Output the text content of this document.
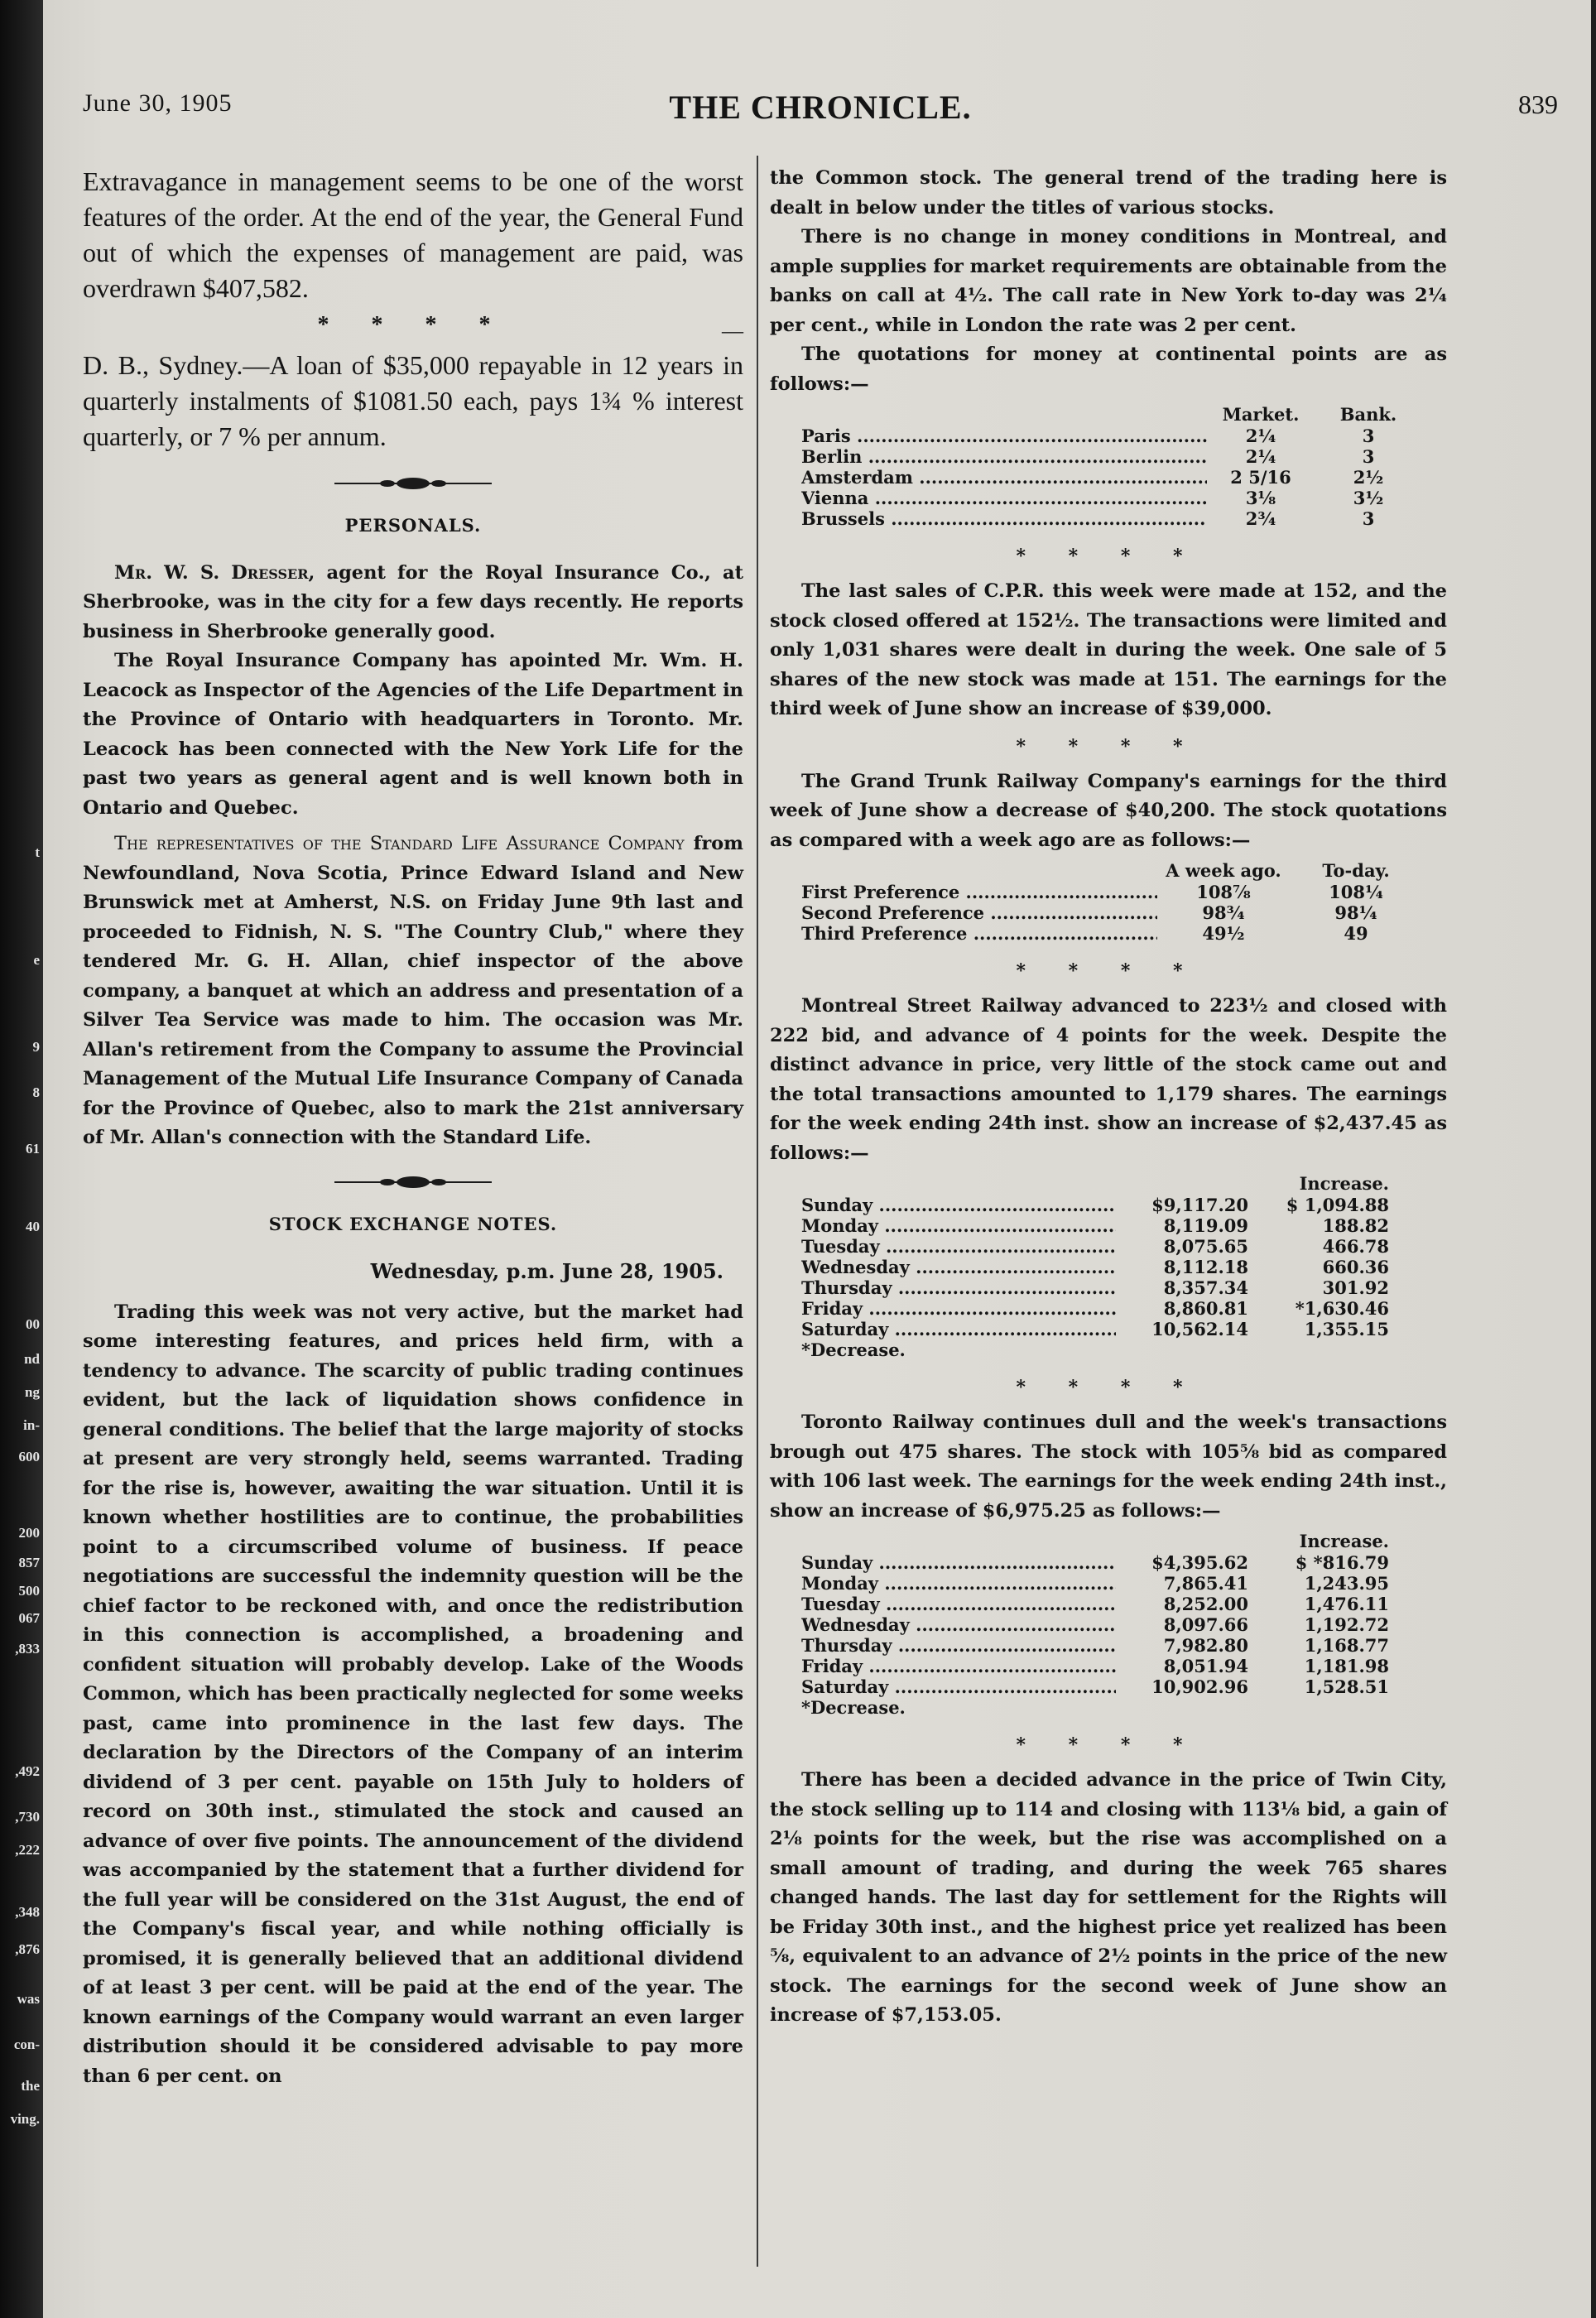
t
e
9
8
61
40
00
nd
ng
in-
600
200
857
500
067
,833
,492
,730
,222
,348
,876
was
con-
the
ving.
June 30, 1905	THE CHRONICLE.	839

Extravagance in management seems to be one of the worst features of the order. At the end of the year, the General Fund out of which the expenses of management are paid, was overdrawn $407,582.

* * * *	—

D. B., Sydney.—A loan of $35,000 repayable in 12 years in quarterly instalments of $1081.50 each, pays 1¾ % interest quarterly, or 7 % per annum.

PERSONALS.

Mr. W. S. Dresser, agent for the Royal Insurance Co., at Sherbrooke, was in the city for a few days recently. He reports business in Sherbrooke generally good.

The Royal Insurance Company has apointed Mr. Wm. H. Leacock as Inspector of the Agencies of the Life Department in the Province of Ontario with headquarters in Toronto. Mr. Leacock has been connected with the New York Life for the past two years as general agent and is well known both in Ontario and Quebec.

The representatives of the Standard Life Assurance Company from Newfoundland, Nova Scotia, Prince Edward Island and New Brunswick met at Amherst, N.S. on Friday June 9th last and proceeded to Fidnish, N. S. "The Country Club," where they tendered Mr. G. H. Allan, chief inspector of the above company, a banquet at which an address and presentation of a Silver Tea Service was made to him. The occasion was Mr. Allan's retirement from the Company to assume the Provincial Management of the Mutual Life Insurance Company of Canada for the Province of Quebec, also to mark the 21st anniversary of Mr. Allan's connection with the Standard Life.

STOCK EXCHANGE NOTES.
Wednesday, p.m. June 28, 1905.

Trading this week was not very active, but the market had some interesting features, and prices held firm, with a tendency to advance. The scarcity of public trading continues evident, but the lack of liquidation shows confidence in general conditions. The belief that the large majority of stocks at present are very strongly held, seems warranted. Trading for the rise is, however, awaiting the war situation. Until it is known whether hostilities are to continue, the probabilities point to a circumscribed volume of business. If peace negotiations are successful the indemnity question will be the chief factor to be reckoned with, and once the redistribution in this connection is accomplished, a broadening and confident situation will probably develop. Lake of the Woods Common, which has been practically neglected for some weeks past, came into prominence in the last few days. The declaration by the Directors of the Company of an interim dividend of 3 per cent. payable on 15th July to holders of record on 30th inst., stimulated the stock and caused an advance of over five points. The announcement of the dividend was accompanied by the statement that a further dividend for the full year will be considered on the 31st August, the end of the Company's fiscal year, and while nothing officially is promised, it is generally believed that an additional dividend of at least 3 per cent. will be paid at the end of the year. The known earnings of the Company would warrant an even larger distribution should it be considered advisable to pay more than 6 per cent. on

the Common stock. The general trend of the trading here is dealt in below under the titles of various stocks.

There is no change in money conditions in Montreal, and ample supplies for market requirements are obtainable from the banks on call at 4½. The call rate in New York to-day was 2¼ per cent., while in London the rate was 2 per cent.

The quotations for money at continental points are as follows:—

Market.	Bank.
Paris .....	2¼	3
Berlin .....	2¼	3
Amsterdam .....	2 5/16	2½
Vienna .....	3⅛	3½
Brussels .....	2¾	3
* * * *

The last sales of C.P.R. this week were made at 152, and the stock closed offered at 152½. The transactions were limited and only 1,031 shares were dealt in during the week. One sale of 5 shares of the new stock was made at 151. The earnings for the third week of June show an increase of $39,000.

* * * *

The Grand Trunk Railway Company's earnings for the third week of June show a decrease of $40,200. The stock quotations as compared with a week ago are as follows:—

A week ago.	To-day.
First Preference .....	108⅞	108¼
Second Preference .....	98¾	98¼
Third Preference .....	49½	49
* * * *

Montreal Street Railway advanced to 223½ and closed with 222 bid, and advance of 4 points for the week. Despite the distinct advance in price, very little of the stock came out and the total transactions amounted to 1,179 shares. The earnings for the week ending 24th inst. show an increase of $2,437.45 as follows:—

Increase.
Sunday .....	$9,117.20	$ 1,094.88
Monday .....	8,119.09	188.82
Tuesday .....	8,075.65	466.78
Wednesday .....	8,112.18	660.36
Thursday .....	8,357.34	301.92
Friday .....	8,860.81	*1,630.46
Saturday .....	10,562.14	1,355.15
*Decrease.
* * * *

Toronto Railway continues dull and the week's transactions brough out 475 shares. The stock with 105⅝ bid as compared with 106 last week. The earnings for the week ending 24th inst., show an increase of $6,975.25 as follows:—

Increase.
Sunday .....	$4,395.62	$ *816.79
Monday .....	7,865.41	1,243.95
Tuesday .....	8,252.00	1,476.11
Wednesday .....	8,097.66	1,192.72
Thursday .....	7,982.80	1,168.77
Friday .....	8,051.94	1,181.98
Saturday .....	10,902.96	1,528.51
*Decrease.
* * * *

There has been a decided advance in the price of Twin City, the stock selling up to 114 and closing with 113⅛ bid, a gain of 2⅛ points for the week, but the rise was accomplished on a small amount of trading, and during the week 765 shares changed hands. The last day for settlement for the Rights will be Friday 30th inst., and the highest price yet realized has been ⅝, equivalent to an advance of 2½ points in the price of the new stock. The earnings for the second week of June show an increase of $7,153.05.
